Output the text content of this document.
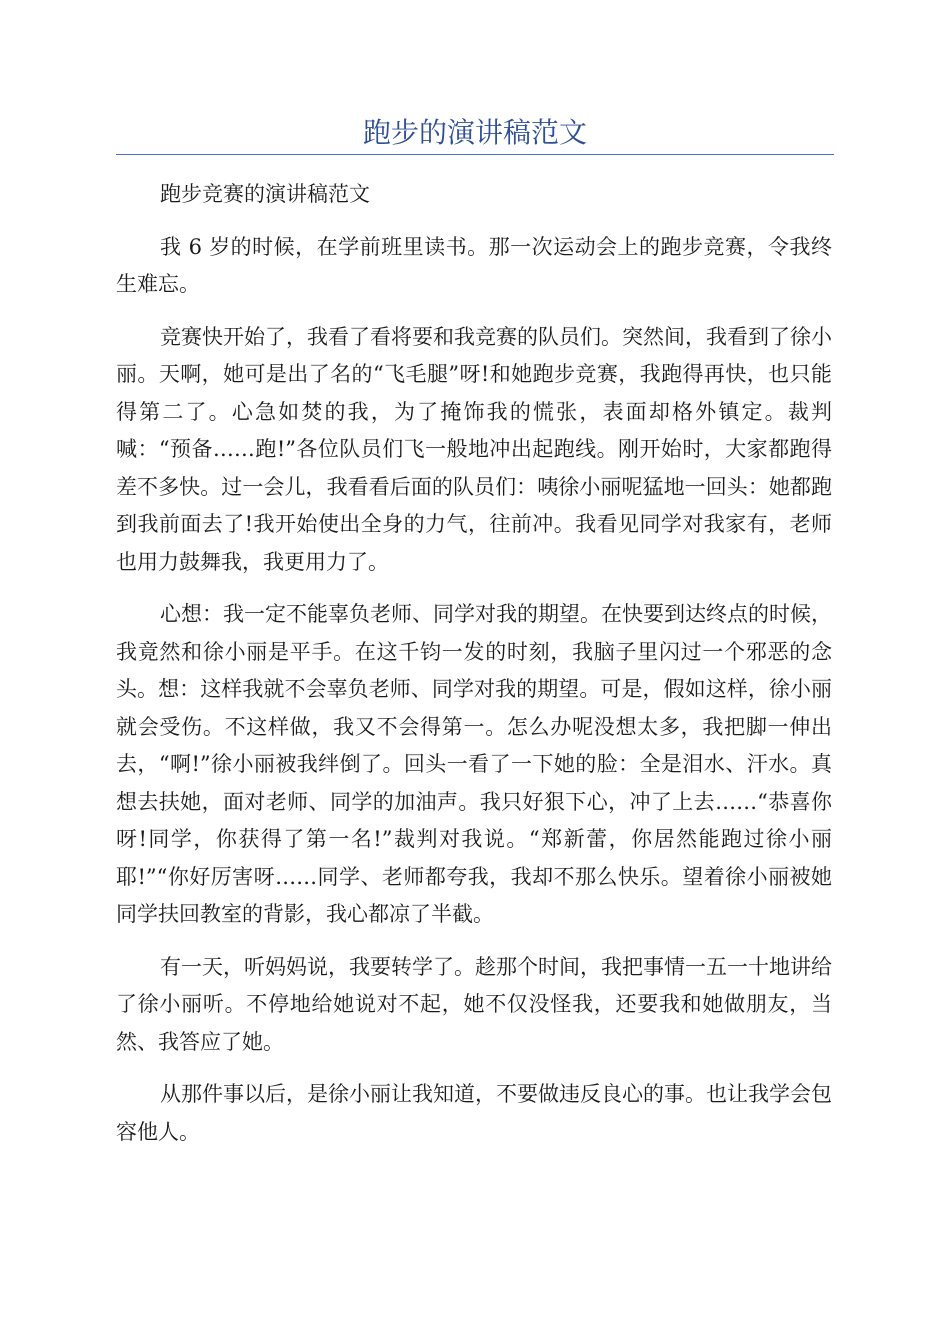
跑步的演讲稿范文

跑步竞赛的演讲稿范文

我 6 岁的时候，在学前班里读书。那一次运动会上的跑步竞赛，令我终生难忘。

竞赛快开始了，我看了看将要和我竞赛的队员们。突然间，我看到了徐小丽。天啊，她可是出了名的“飞毛腿”呀!和她跑步竞赛，我跑得再快，也只能得第二了。心急如焚的我，为了掩饰我的慌张，表面却格外镇定。裁判喊：“预备……跑!”各位队员们飞一般地冲出起跑线。刚开始时，大家都跑得差不多快。过一会儿，我看看后面的队员们：咦徐小丽呢猛地一回头：她都跑到我前面去了!我开始使出全身的力气，往前冲。我看见同学对我家有，老师也用力鼓舞我，我更用力了。

心想：我一定不能辜负老师、同学对我的期望。在快要到达终点的时候，我竟然和徐小丽是平手。在这千钧一发的时刻，我脑子里闪过一个邪恶的念头。想：这样我就不会辜负老师、同学对我的期望。可是，假如这样，徐小丽就会受伤。不这样做，我又不会得第一。怎么办呢没想太多，我把脚一伸出去，“啊!”徐小丽被我绊倒了。回头一看了一下她的脸：全是泪水、汗水。真想去扶她，面对老师、同学的加油声。我只好狠下心，冲了上去……“恭喜你呀!同学，你获得了第一名!”裁判对我说。“郑新蕾，你居然能跑过徐小丽耶!”“你好厉害呀……同学、老师都夸我，我却不那么快乐。望着徐小丽被她同学扶回教室的背影，我心都凉了半截。

有一天，听妈妈说，我要转学了。趁那个时间，我把事情一五一十地讲给了徐小丽听。不停地给她说对不起，她不仅没怪我，还要我和她做朋友，当然、我答应了她。

从那件事以后，是徐小丽让我知道，不要做违反良心的事。也让我学会包容他人。
